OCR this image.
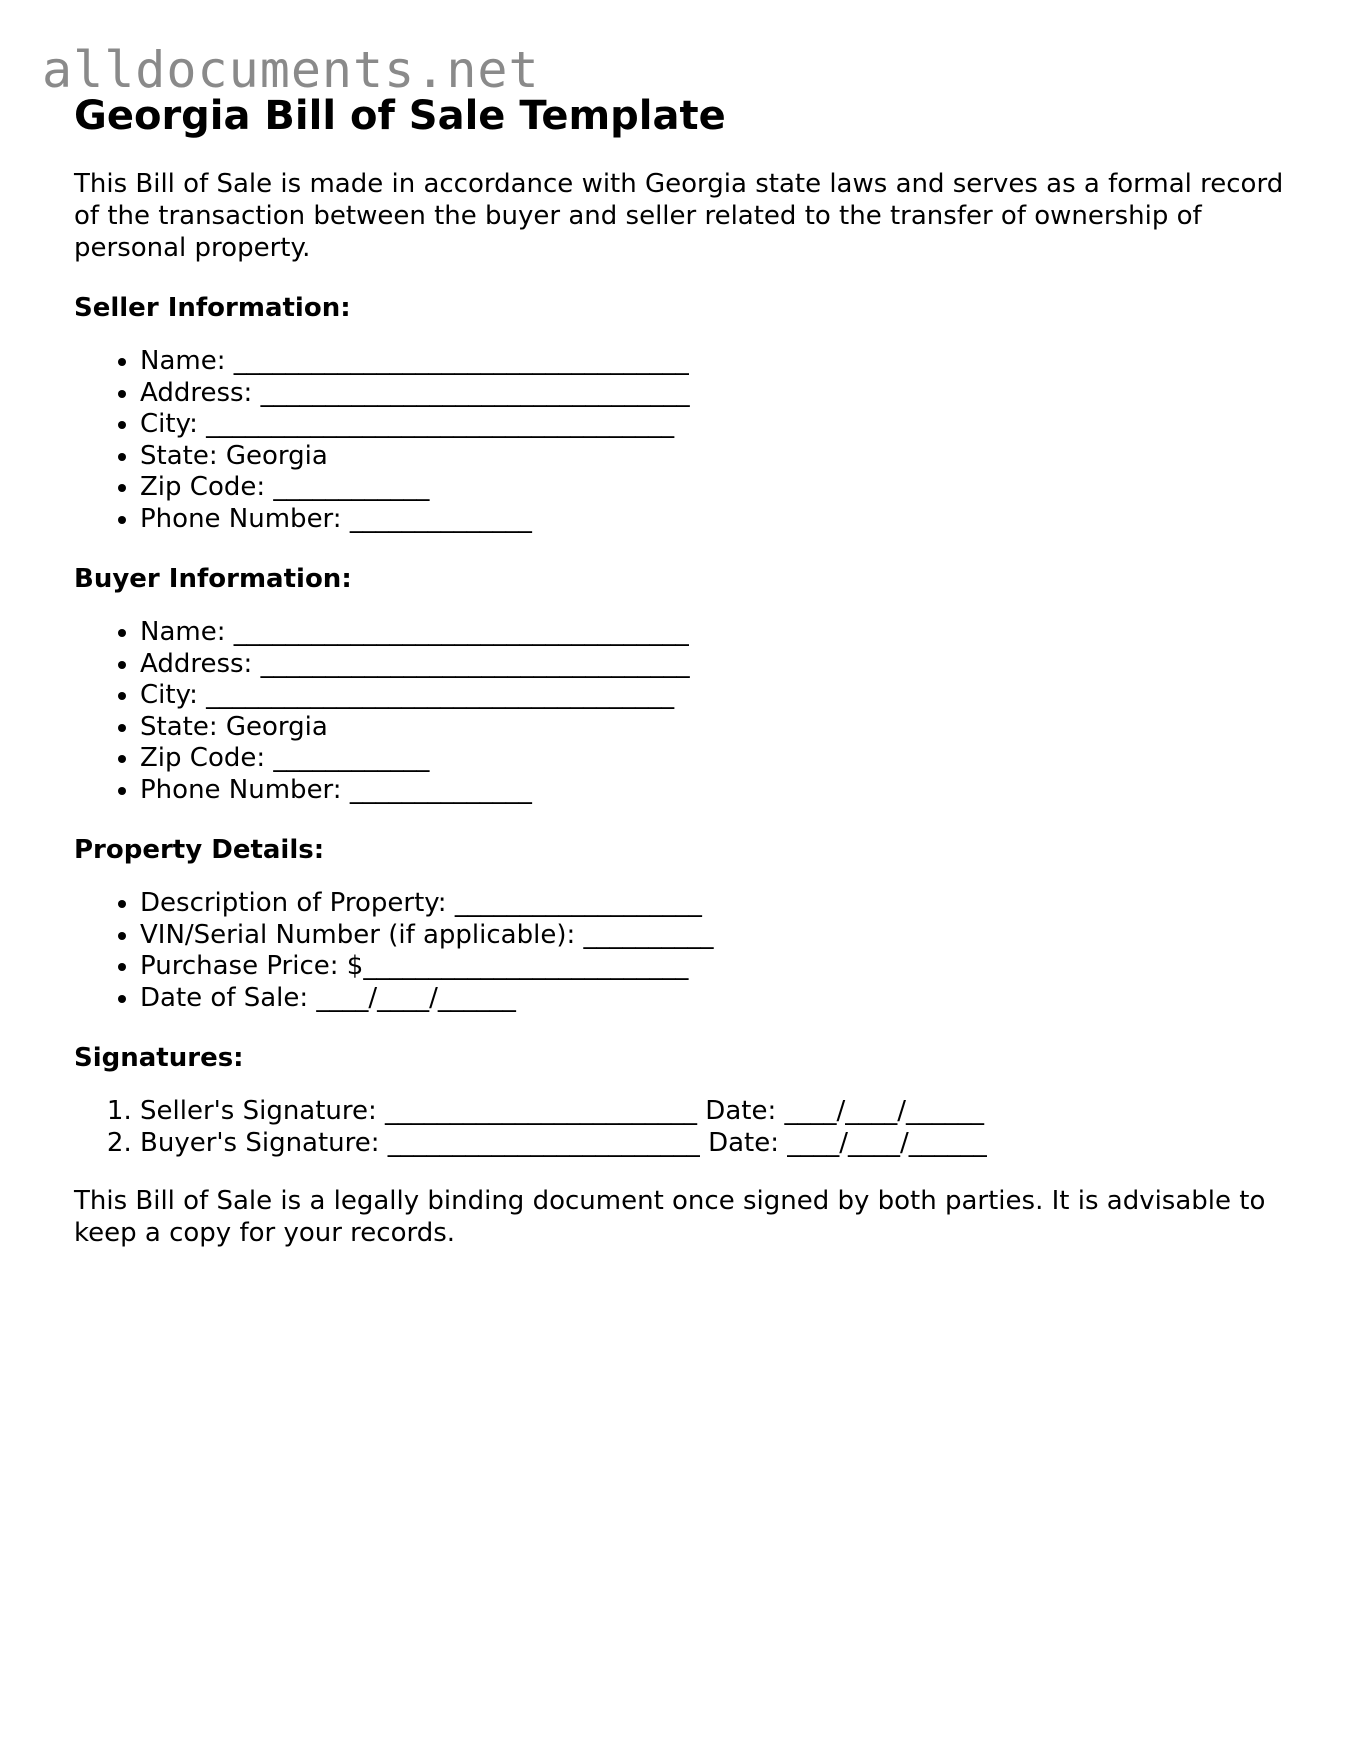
alldocuments.net
Georgia Bill of Sale Template

This Bill of Sale is made in accordance with Georgia state laws and serves as a formal record of the transaction between the buyer and seller related to the transfer of ownership of personal property.

Seller Information:
• Name: ___________________________________
• Address: _________________________________
• City: ____________________________________
• State: Georgia
• Zip Code: ____________
• Phone Number: ______________
Buyer Information:
• Name: ___________________________________
• Address: _________________________________
• City: ____________________________________
• State: Georgia
• Zip Code: ____________
• Phone Number: ______________
Property Details:
• Description of Property: ___________________
• VIN/Serial Number (if applicable): __________
• Purchase Price: $_________________________
• Date of Sale: ____/____/______
Signatures:
1. Seller's Signature: ________________________ Date: ____/____/______
2. Buyer's Signature: ________________________ Date: ____/____/______

This Bill of Sale is a legally binding document once signed by both parties. It is advisable to keep a copy for your records.
